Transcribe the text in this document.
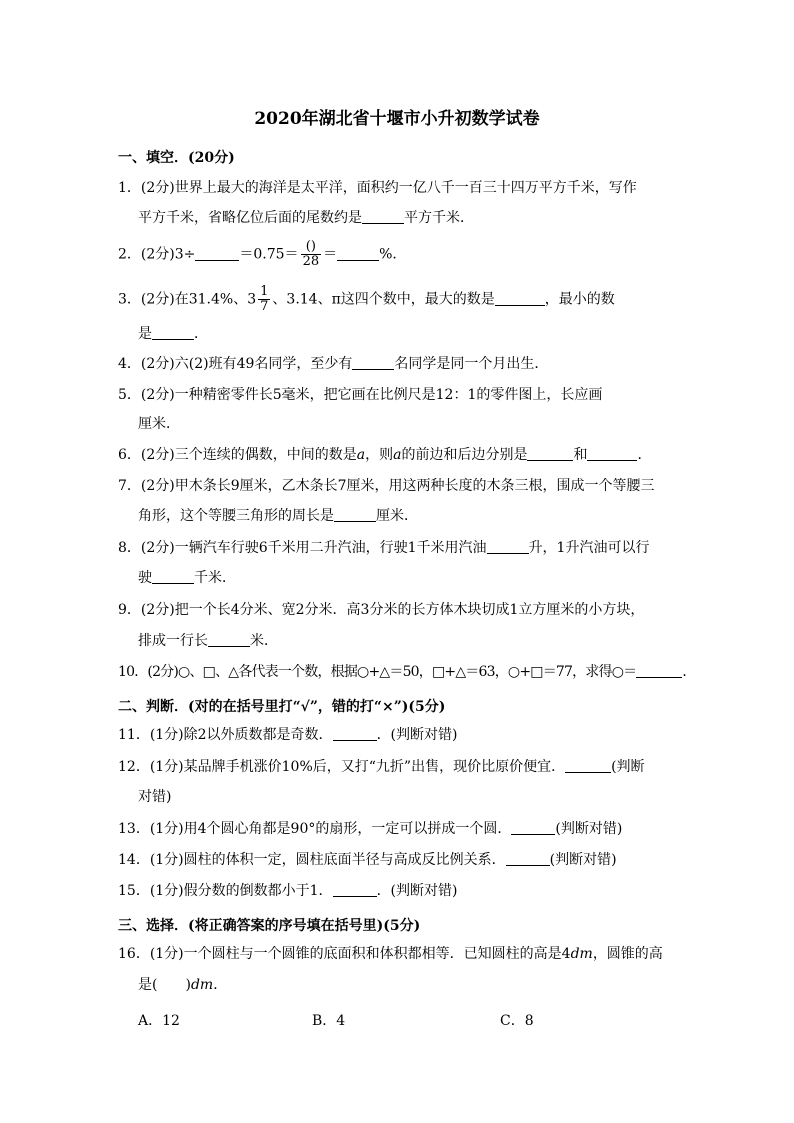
2020年湖北省十堰市小升初数学试卷
一、填空．(20分)
1．(2分)世界上最大的海洋是太平洋，面积约一亿八千一百三十四万平方千米，写作
平方千米，省略亿位后面的尾数约是	平方千米．
2．(2分)3÷	$=0.75= \frac{()}{28}$ ＝	%．
3．(2分)在31.4%、$3 \frac{1}{7}$ 、3.14、π这四个数中，最大的数是	，最小的数
是	．
4．(2分)六(2)班有49名同学，至少有	名同学是同一个月出生．
5．(2分)一种精密零件长5毫米，把它画在比例尺是12：1的零件图上，长应画
厘米．
6．(2分)三个连续的偶数，中间的数是a，则a的前边和后边分别是	和	．
7．(2分)甲木条长9厘米，乙木条长7厘米，用这两种长度的木条三根，围成一个等腰三
角形，这个等腰三角形的周长是	厘米．
8．(2分)一辆汽车行驶6千米用二升汽油，行驶1千米用汽油	升，1升汽油可以行
驶	千米．
9．(2分)把一个长4分米、宽2分米．高3分米的长方体木块切成1立方厘米的小方块，
排成一行长	米．
10．(2分)○、□、△各代表一个数，根据○+△＝50，□+△＝63，○+□＝77，求得○＝	．
二、判断．(对的在括号里打“√”，错的打“×”)(5分)
11．(1分)除2以外质数都是奇数．	．(判断对错)
12．(1分)某品牌手机涨价10%后，又打“九折”出售，现价比原价便宜．	(判断
对错)
13．(1分)用4个圆心角都是90°的扇形，一定可以拼成一个圆．	(判断对错)
14．(1分)圆柱的体积一定，圆柱底面半径与高成反比例关系．	(判断对错)
15．(1分)假分数的倒数都小于1．	．(判断对错)
三、选择．(将正确答案的序号填在括号里)(5分)
16．(1分)一个圆柱与一个圆锥的底面积和体积都相等．已知圆柱的高是4dm，圆锥的高
是(　　)dm．
A．12	B．4	C．8
